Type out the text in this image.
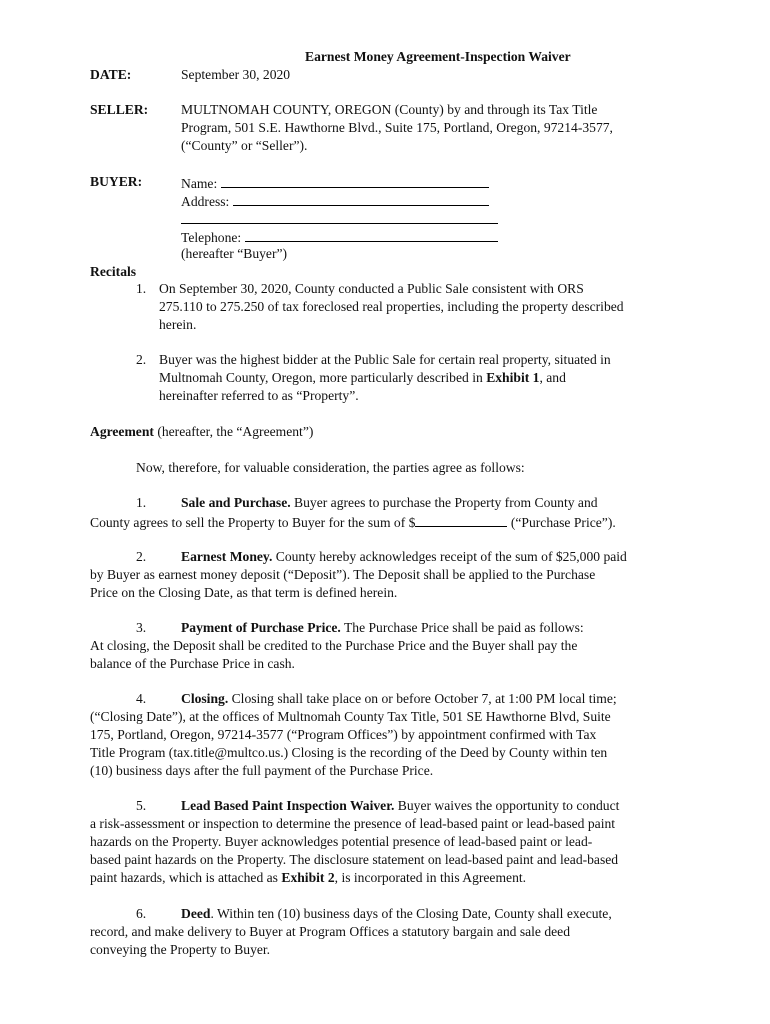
Earnest Money Agreement-Inspection Waiver
DATE:	September 30, 2020
SELLER: MULTNOMAH COUNTY, OREGON (County) by and through its Tax Title
Program, 501 S.E. Hawthorne Blvd., Suite 175, Portland, Oregon, 97214-3577,
(“County” or “Seller”).
BUYER:	Name:
Address:
Telephone:
(hereafter “Buyer”)
Recitals
1. On September 30, 2020, County conducted a Public Sale consistent with ORS
275.110 to 275.250 of tax foreclosed real properties, including the property described
herein.
2. Buyer was the highest bidder at the Public Sale for certain real property, situated in
Multnomah County, Oregon, more particularly described in Exhibit 1, and
hereinafter referred to as “Property”.
Agreement (hereafter, the “Agreement”)
Now, therefore, for valuable consideration, the parties agree as follows:

1.	Sale and Purchase. Buyer agrees to purchase the Property from County and

County agrees to sell the Property to Buyer for the sum of $	(“Purchase Price”).

2.	Earnest Money. County hereby acknowledges receipt of the sum of $25,000 paid

by Buyer as earnest money deposit (“Deposit”). The Deposit shall be applied to the Purchase

Price on the Closing Date, as that term is defined herein.

3.	Payment of Purchase Price. The Purchase Price shall be paid as follows:

At closing, the Deposit shall be credited to the Purchase Price and the Buyer shall pay the

balance of the Purchase Price in cash.

4.	Closing. Closing shall take place on or before October 7, at 1:00 PM local time;

(“Closing Date”), at the offices of Multnomah County Tax Title, 501 SE Hawthorne Blvd, Suite

175, Portland, Oregon, 97214-3577 (“Program Offices”) by appointment confirmed with Tax

Title Program (tax.title@multco.us.) Closing is the recording of the Deed by County within ten

(10) business days after the full payment of the Purchase Price.

5.	Lead Based Paint Inspection Waiver. Buyer waives the opportunity to conduct

a risk-assessment or inspection to determine the presence of lead-based paint or lead-based paint

hazards on the Property. Buyer acknowledges potential presence of lead-based paint or lead-

based paint hazards on the Property. The disclosure statement on lead-based paint and lead-based

paint hazards, which is attached as Exhibit 2, is incorporated in this Agreement.

6.	Deed. Within ten (10) business days of the Closing Date, County shall execute,

record, and make delivery to Buyer at Program Offices a statutory bargain and sale deed

conveying the Property to Buyer.
